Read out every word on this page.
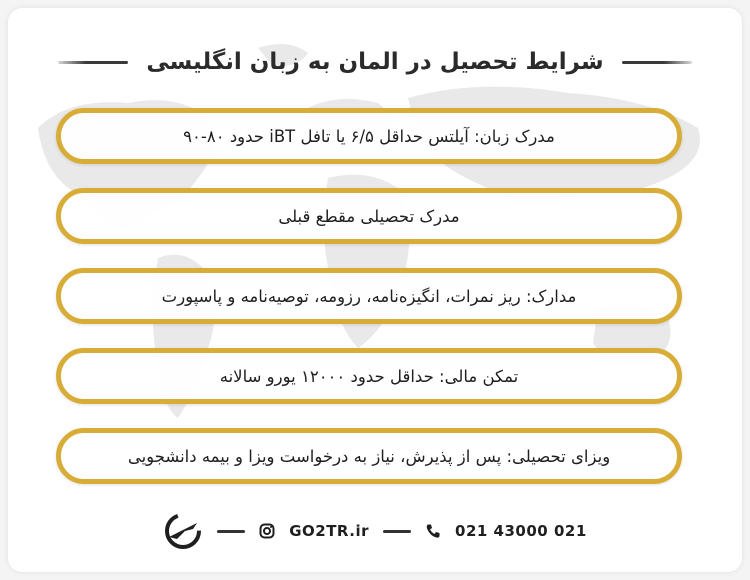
شرایط تحصیل در المان به زبان انگلیسی
مدرک زبان: آیلتس حداقل ۶/۵ یا تافل iBT حدود ۸۰-۹۰
مدرک تحصیلی مقطع قبلی
مدارک: ریز نمرات، انگیزه‌نامه، رزومه، توصیه‌نامه و پاسپورت
تمکن مالی: حداقل حدود ۱۲۰۰۰ یورو سالانه
ویزای تحصیلی: پس از پذیرش، نیاز به درخواست ویزا و بیمه دانشجویی
GO2TR.ir	021 43000 021
